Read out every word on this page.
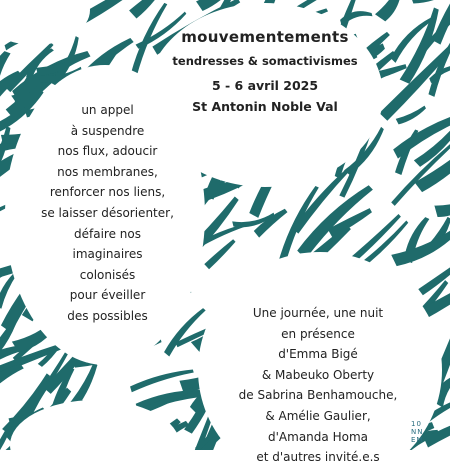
mouvementements
tendresses & somactivismes
5 - 6 avril 2025
St Antonin Noble Val
un appel
à suspendre
nos flux, adoucir
nos membranes,
renforcer nos liens,
se laisser désorienter,
défaire nos
imaginaires
colonisés
pour éveiller
des possibles	Une journée, une nuit
en présence
d'Emma Bigé
& Mabeuko Oberty
de Sabrina Benhamouche,
& Amélie Gaulier,
d'Amanda Homa
et d'autres invité.e.s
10
NN
EM
